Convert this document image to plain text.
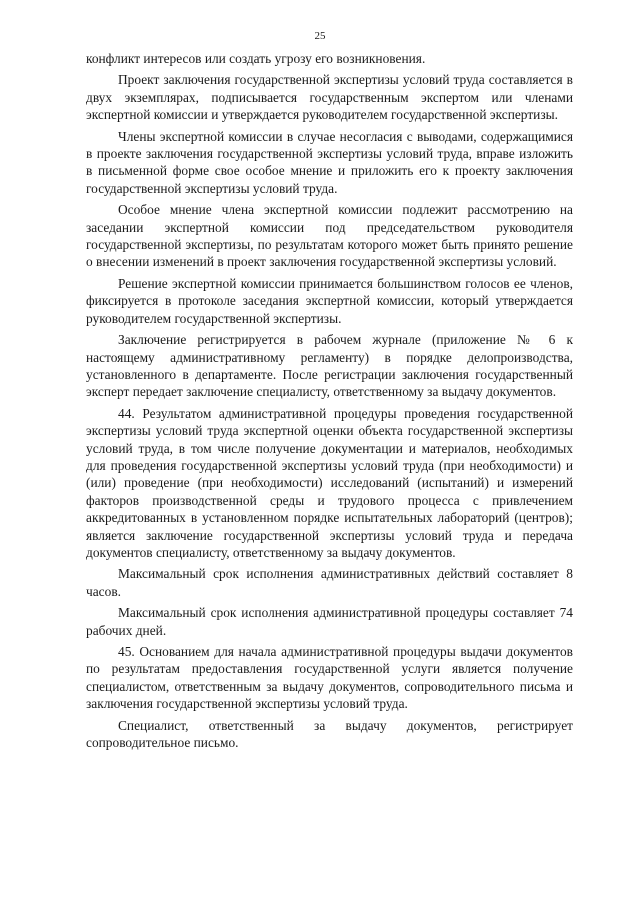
25

конфликт интересов или создать угрозу его возникновения.

Проект заключения государственной экспертизы условий труда составляется в двух экземплярах, подписывается государственным экспертом или членами экспертной комиссии и утверждается руководителем государственной экспертизы.

Члены экспертной комиссии в случае несогласия с выводами, содержащимися в проекте заключения государственной экспертизы условий труда, вправе изложить в письменной форме свое особое мнение и приложить его к проекту заключения государственной экспертизы условий труда.

Особое мнение члена экспертной комиссии подлежит рассмотрению на заседании экспертной комиссии под председательством руководителя государственной экспертизы, по результатам которого может быть принято решение о внесении изменений в проект заключения государственной экспертизы условий.

Решение экспертной комиссии принимается большинством голосов ее членов, фиксируется в протоколе заседания экспертной комиссии, который утверждается руководителем государственной экспертизы.

Заключение регистрируется в рабочем журнале (приложение № 6 к настоящему административному регламенту) в порядке делопроизводства, установленного в департаменте. После регистрации заключения государственный эксперт передает заключение специалисту, ответственному за выдачу документов.

44. Результатом административной процедуры проведения государственной экспертизы условий труда экспертной оценки объекта государственной экспертизы условий труда, в том числе получение документации и материалов, необходимых для проведения государственной экспертизы условий труда (при необходимости) и (или) проведение (при необходимости) исследований (испытаний) и измерений факторов производственной среды и трудового процесса с привлечением аккредитованных в установленном порядке испытательных лабораторий (центров); является заключение государственной экспертизы условий труда и передача документов специалисту, ответственному за выдачу документов.

Максимальный срок исполнения административных действий составляет 8 часов.

Максимальный срок исполнения административной процедуры составляет 74 рабочих дней.

45. Основанием для начала административной процедуры выдачи документов по результатам предоставления государственной услуги является получение специалистом, ответственным за выдачу документов, сопроводительного письма и заключения государственной экспертизы условий труда.

Специалист, ответственный за выдачу документов, регистрирует сопроводительное письмо.
